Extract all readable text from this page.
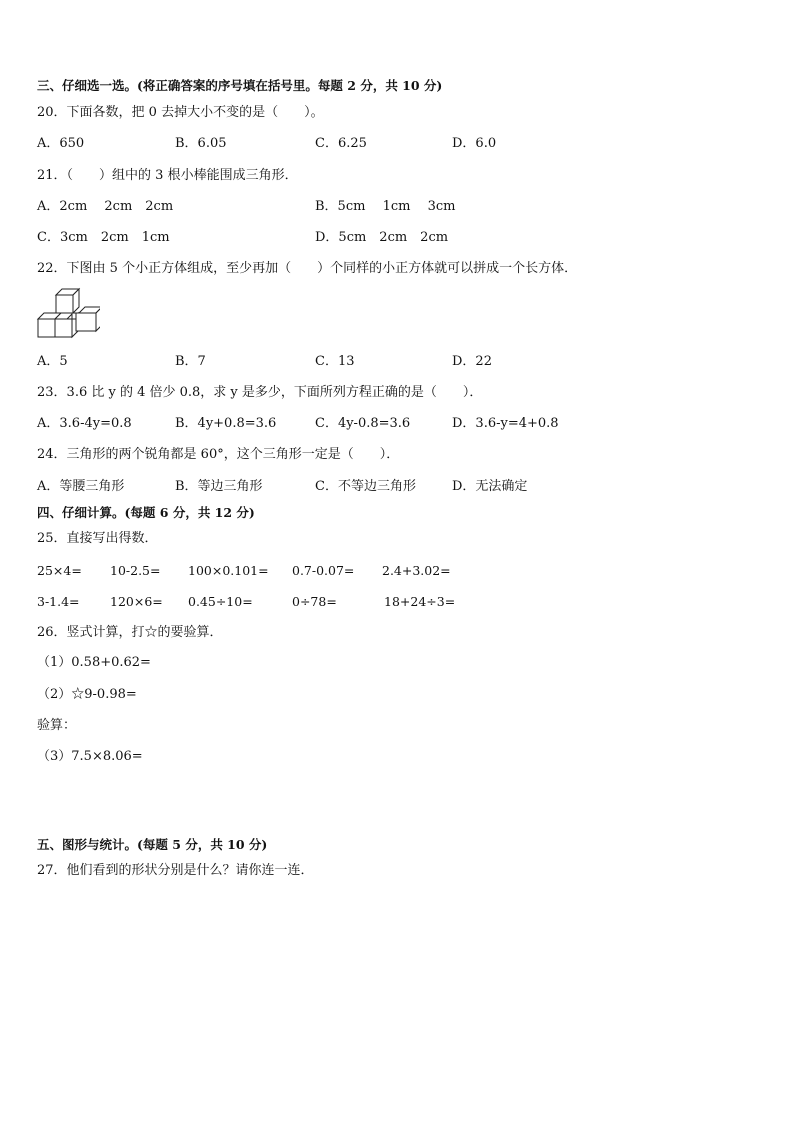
三、仔细选一选。(将正确答案的序号填在括号里。每题 2 分，共 10 分)
20．下面各数，把 0 去掉大小不变的是（　　）。
A．650	B．6.05	C．6.25	D．6.0
21．（　　）组中的 3 根小棒能围成三角形．
A．2cm　 2cm　2cm	B．5cm　 1cm　 3cm
C．3cm　2cm　1cm	D．5cm　2cm　2cm
22．下图由 5 个小正方体组成，至少再加（　　）个同样的小正方体就可以拼成一个长方体．
A．5	B．7	C．13	D．22
23．3.6 比 y 的 4 倍少 0.8，求 y 是多少，下面所列方程正确的是（　　）．
A．3.6-4y=0.8	B．4y+0.8=3.6	C．4y-0.8=3.6	D．3.6-y=4+0.8
24．三角形的两个锐角都是 60°，这个三角形一定是（　　）．
A．等腰三角形	B．等边三角形	C．不等边三角形	D．无法确定
四、仔细计算。(每题 6 分，共 12 分)
25．直接写出得数．
25×4= 10-2.5= 100×0.101= 0.7-0.07= 2.4+3.02=
3-1.4= 120×6= 0.45÷10=	0÷78=	18+24÷3=
26．竖式计算，打☆的要验算．
（1）0.58+0.62=
（2）☆9-0.98=
验算：
（3）7.5×8.06=
五、图形与统计。(每题 5 分，共 10 分)
27．他们看到的形状分别是什么？请你连一连．
